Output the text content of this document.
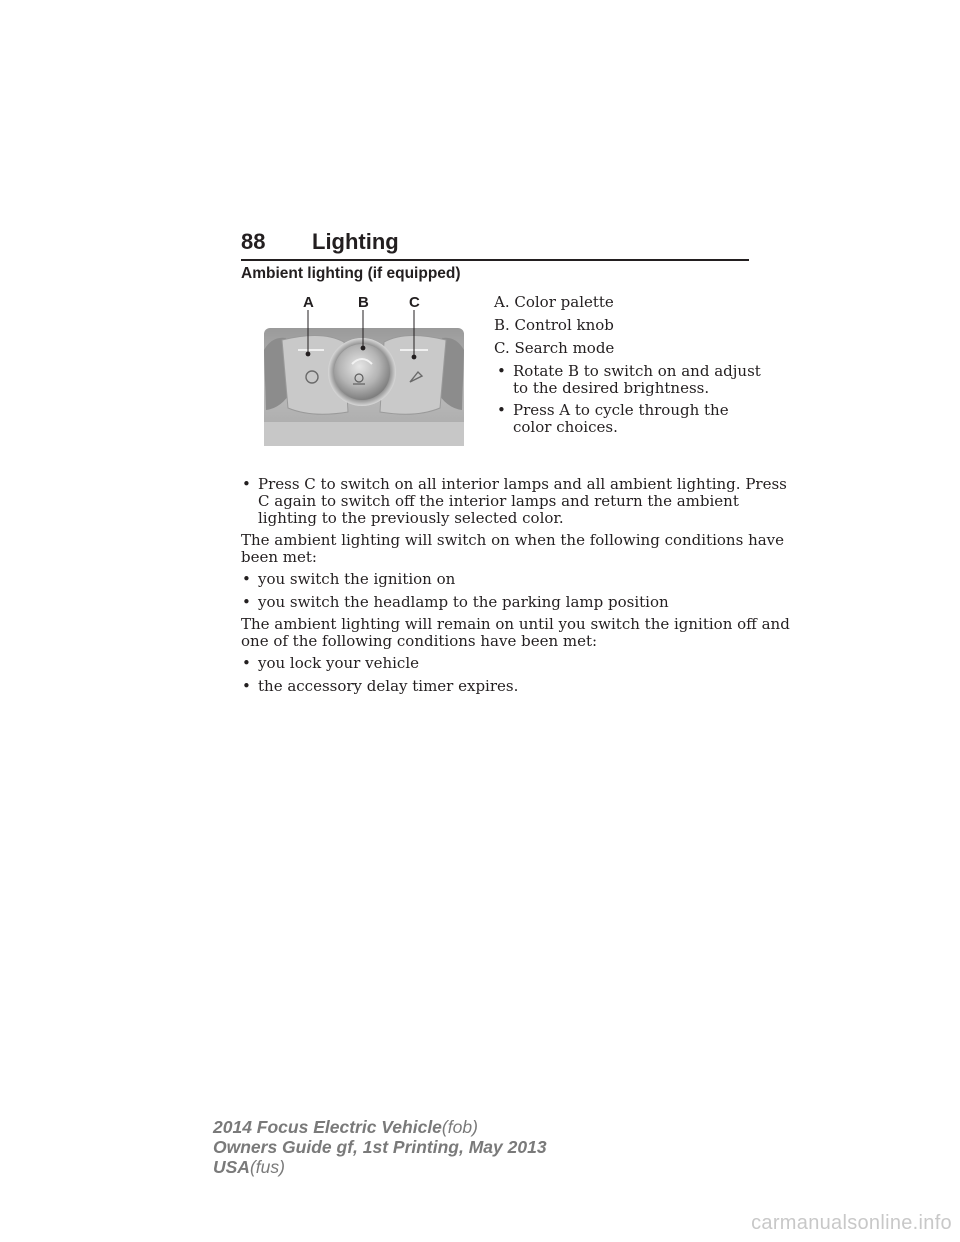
88 Lighting
Ambient lighting (if equipped)
A	B	C	A. Color palette
B. Control knob
C. Search mode
• Rotate B to switch on and adjust
to the desired brightness.
• Press A to cycle through the
color choices.
• Press C to switch on all interior lamps and all ambient lighting. Press
C again to switch off the interior lamps and return the ambient
lighting to the previously selected color.
The ambient lighting will switch on when the following conditions have
been met:
• you switch the ignition on
• you switch the headlamp to the parking lamp position
The ambient lighting will remain on until you switch the ignition off and
one of the following conditions have been met:
• you lock your vehicle
• the accessory delay timer expires.
2014 Focus Electric Vehicle(fob)
Owners Guide gf, 1st Printing, May 2013
USA(fus)
carmanualsonline.info
